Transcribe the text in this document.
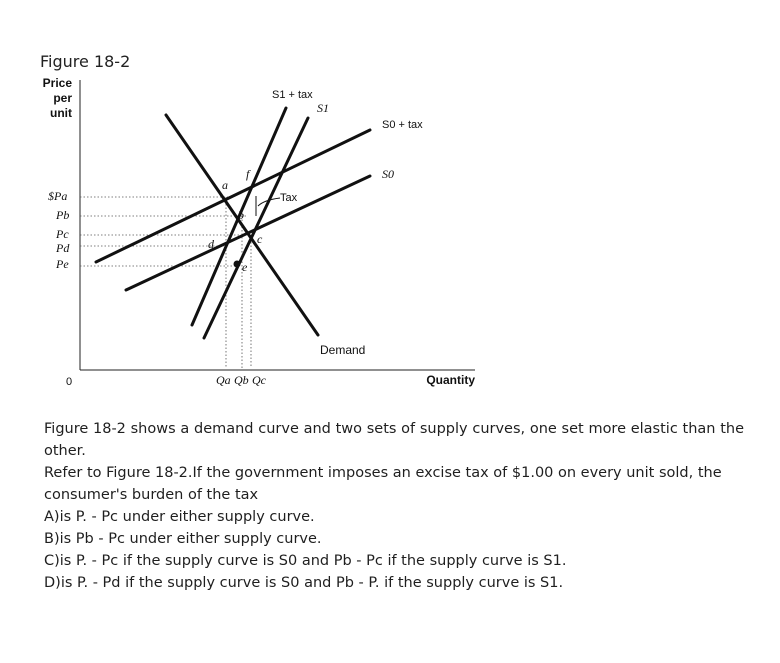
Figure 18-2
Price
per
unit
Quantity
0
$Pa
Pb
Pc
Pd
Pe
Qa Qb Qc
Tax
a
b
c
d
e
f
S1 + tax
S1
S0 + tax
S0
Demand

Figure 18-2 shows a demand curve and two sets of supply curves, one set more elastic than the other.

Refer to Figure 18-2.If the government imposes an excise tax of $1.00 on every unit sold, the consumer's burden of the tax

A)is P. - Pc under either supply curve.

B)is Pb - Pc under either supply curve.

C)is P. - Pc if the supply curve is S0 and Pb - Pc if the supply curve is S1.

D)is P. - Pd if the supply curve is S0 and Pb - P. if the supply curve is S1.
